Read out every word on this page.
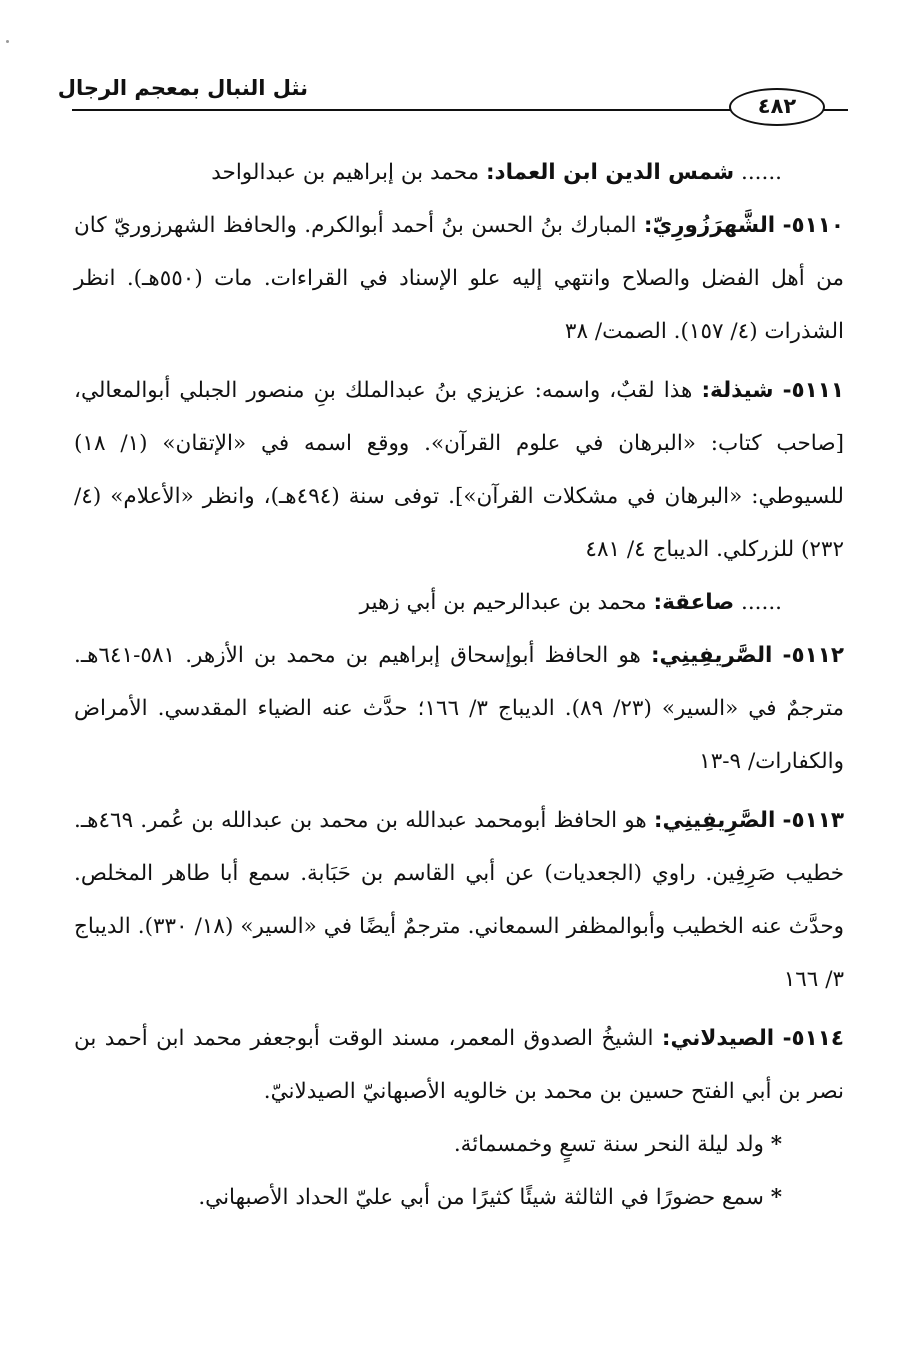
نثل النبال بمعجم الرجال
٤٨٢

...... شمس الدين ابن العماد: محمد بن إبراهيم بن عبدالواحد

٥١١٠- الشَّهرَزُورِيّ: المبارك بنُ الحسن بنُ أحمد أبوالكرم. والحافظ الشهرزوريّ كان من أهل الفضل والصلاح وانتهي إليه علو الإسناد في القراءات. مات (٥٥٠هـ). انظر الشذرات (٤/ ١٥٧). الصمت/ ٣٨

٥١١١- شيذلة: هذا لقبٌ، واسمه: عزيزي بنُ عبدالملك بنِ منصور الجبلي أبوالمعالي، [صاحب كتاب: «البرهان في علوم القرآن». ووقع اسمه في «الإتقان» (١/ ١٨) للسيوطي: «البرهان في مشكلات القرآن»]. توفى سنة (٤٩٤هـ)، وانظر «الأعلام» (٤/ ٢٣٢) للزركلي. الديباج ٤/ ٤٨١

...... صاعقة: محمد بن عبدالرحيم بن أبي زهير

٥١١٢- الصَّريفِينِي: هو الحافظ أبوإسحاق إبراهيم بن محمد بن الأزهر. ٥٨١-٦٤١هـ. مترجمٌ في «السير» (٢٣/ ٨٩). الديباج ٣/ ١٦٦؛ حدَّث عنه الضياء المقدسي. الأمراض والكفارات/ ٩-١٣

٥١١٣- الصَّرِيفِينِي: هو الحافظ أبومحمد عبدالله بن محمد بن عبدالله بن عُمر. ٤٦٩هـ. خطيب صَرِفِين. راوي (الجعديات) عن أبي القاسم بن حَبَابة. سمع أبا طاهر المخلص. وحدَّث عنه الخطيب وأبوالمظفر السمعاني. مترجمٌ أيضًا في «السير» (١٨/ ٣٣٠). الديباج ٣/ ١٦٦

٥١١٤- الصيدلاني: الشيخُ الصدوق المعمر، مسند الوقت أبوجعفر محمد ابن أحمد بن نصر بن أبي الفتح حسين بن محمد بن خالويه الأصبهانيّ الصيدلانيّ.

* ولد ليلة النحر سنة تسعٍ وخمسمائة.

* سمع حضورًا في الثالثة شيئًا كثيرًا من أبي عليّ الحداد الأصبهاني.
